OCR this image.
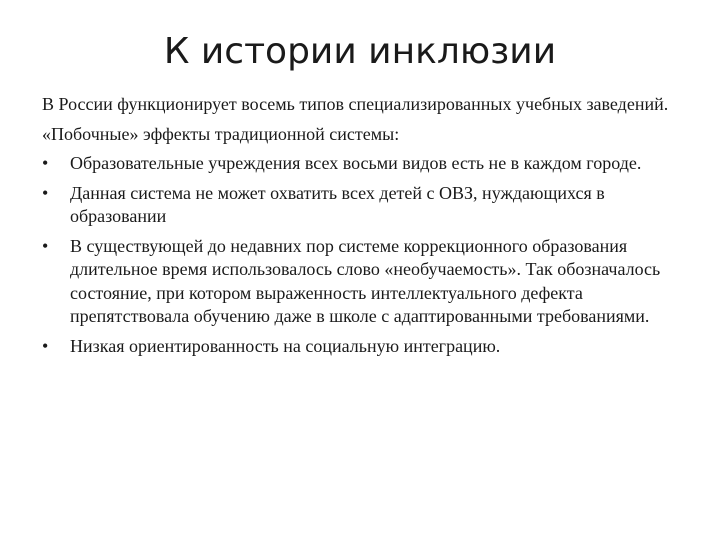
К истории инклюзии

В России функционирует восемь типов специализированных учебных заведений.

«Побочные» эффекты традиционной системы:

•	Образовательные учреждения всех восьми видов есть не в каждом городе.
•	Данная система не может охватить всех детей с ОВЗ, нуждающихся в образовании
•	В существующей до недавних пор системе коррекционного образования длительное время использовалось слово «необучаемость». Так обозначалось состояние, при котором выраженность интеллектуального дефекта препятствовала обучению даже в школе с адаптированными требованиями.
•	Низкая ориентированность на социальную интеграцию.
